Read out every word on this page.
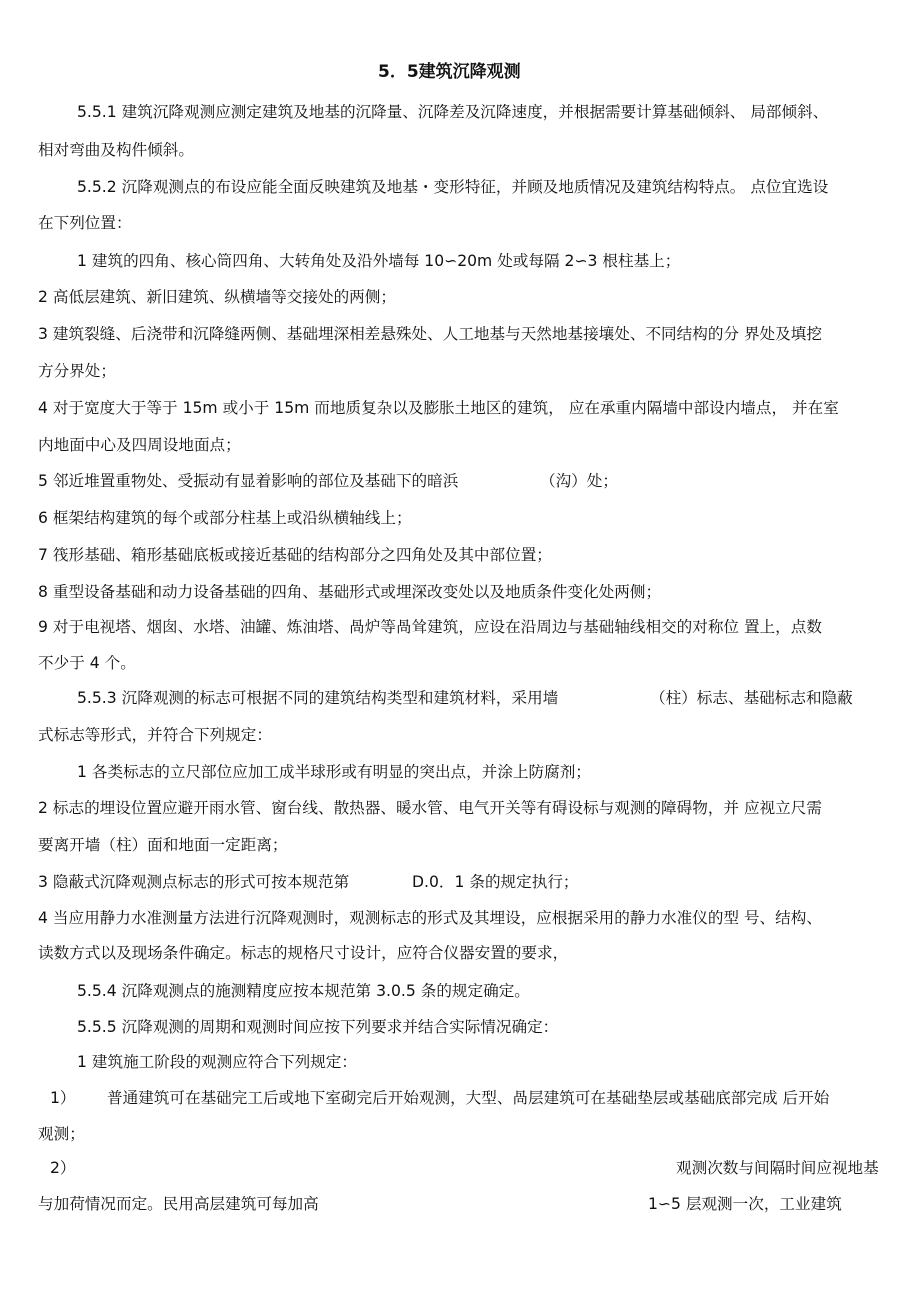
5．5建筑沉降观测
5.5.1 建筑沉降观测应测定建筑及地基的沉降量、沉降差及沉降速度，并根据需要计算基础倾斜、 局部倾斜、
相对弯曲及构件倾斜。
5.5.2 沉降观测点的布设应能全面反映建筑及地基・变形特征，并顾及地质情况及建筑结构特点。 点位宜选设
在下列位置：
1 建筑的四角、核心筒四角、大转角处及沿外墙每 10∽20m 处或每隔 2∽3 根柱基上；
2 高低层建筑、新旧建筑、纵横墙等交接处的两侧；
3 建筑裂缝、后浇带和沉降缝两侧、基础埋深相差悬殊处、人工地基与天然地基接壤处、不同结构的分 界处及填挖
方分界处；
4 对于宽度大于等于 15m 或小于 15m 而地质复杂以及膨胀土地区的建筑， 应在承重内隔墙中部设内墙点， 并在室
内地面中心及四周设地面点；
5 邻近堆置重物处、受振动有显着影响的部位及基础下的暗浜	（沟）处；
6 框架结构建筑的每个或部分柱基上或沿纵横轴线上；
7 筏形基础、箱形基础底板或接近基础的结构部分之四角处及其中部位置；
8 重型设备基础和动力设备基础的四角、基础形式或埋深改变处以及地质条件变化处两侧；
9 对于电视塔、烟囱、水塔、油罐、炼油塔、咼炉等咼耸建筑，应设在沿周边与基础轴线相交的对称位 置上，点数
不少于 4 个。
5.5.3 沉降观测的标志可根据不同的建筑结构类型和建筑材料，采用墙	（柱）标志、基础标志和隐蔽
式标志等形式，并符合下列规定：
1 各类标志的立尺部位应加工成半球形或有明显的突出点，并涂上防腐剂；
2 标志的埋设位置应避开雨水管、窗台线、散热器、暖水管、电气开关等有碍设标与观测的障碍物，并 应视立尺需
要离开墙（柱）面和地面一定距离；
3 隐蔽式沉降观测点标志的形式可按本规范第	D.0．1 条的规定执行；
4 当应用静力水准测量方法进行沉降观测时，观测标志的形式及其埋设，应根据采用的静力水准仪的型 号、结构、
读数方式以及现场条件确定。标志的规格尺寸设计，应符合仪器安置的要求，
5.5.4 沉降观测点的施测精度应按本规范第 3.0.5 条的规定确定。
5.5.5 沉降观测的周期和观测时间应按下列要求并结合实际情况确定：
1 建筑施工阶段的观测应符合下列规定：
1） 普通建筑可在基础完工后或地下室砌完后开始观测，大型、咼层建筑可在基础垫层或基础底部完成 后开始
观测；
2）	观测次数与间隔时间应视地基
与加荷情况而定。民用高层建筑可每加高	1∽5 层观测一次，工业建筑
